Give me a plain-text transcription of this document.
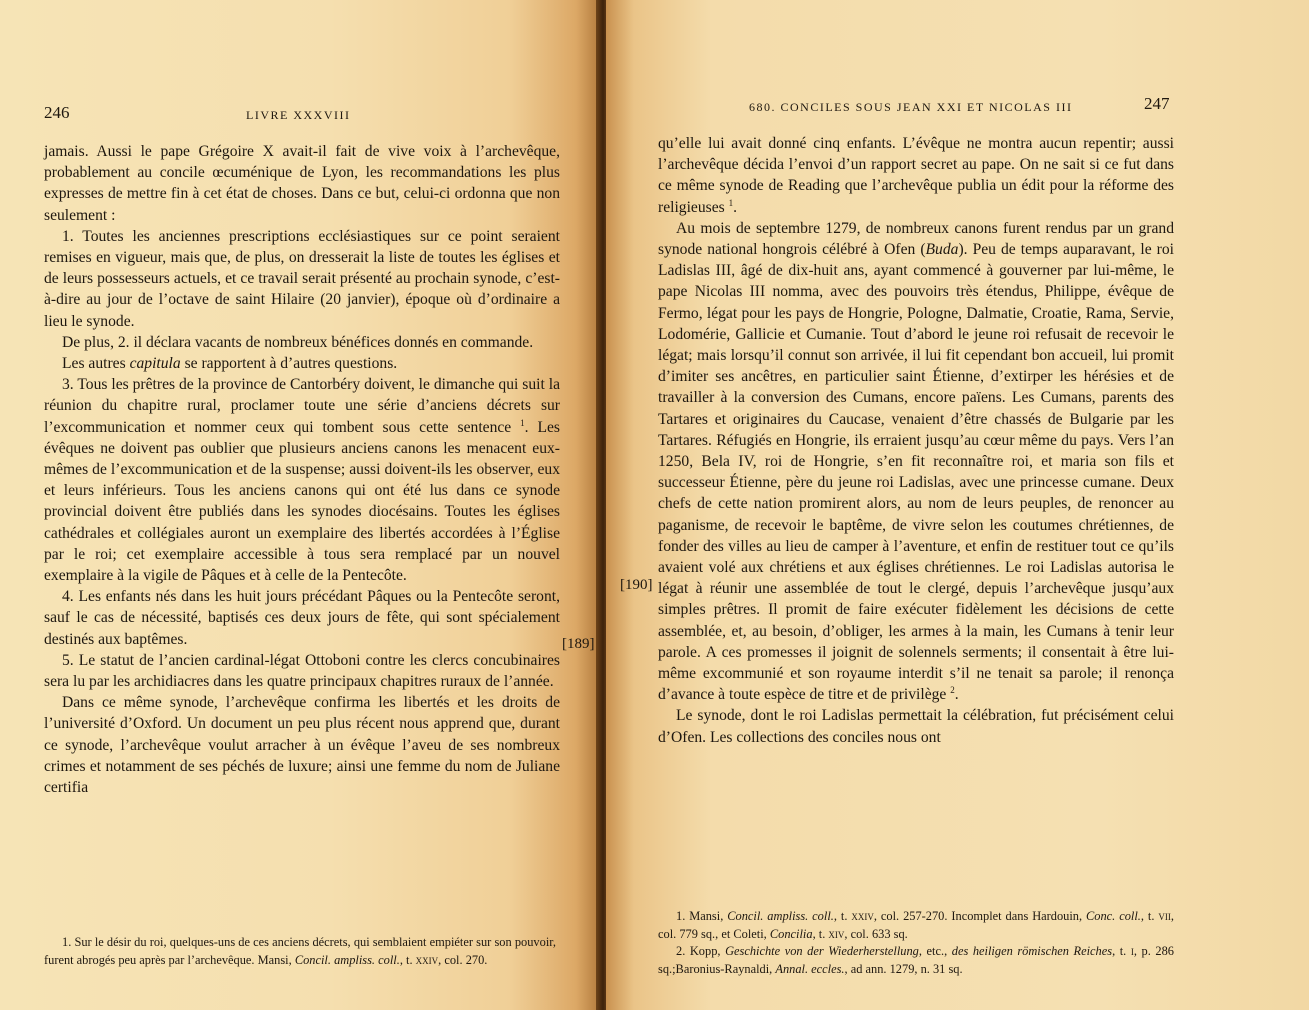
246	LIVRE XXXVIII

jamais. Aussi le pape Grégoire X avait-il fait de vive voix à l’archevêque, probablement au concile œcuménique de Lyon, les recommandations les plus expresses de mettre fin à cet état de choses. Dans ce but, celui-ci ordonna que non seulement :

1. Toutes les anciennes prescriptions ecclésiastiques sur ce point seraient remises en vigueur, mais que, de plus, on dresserait la liste de toutes les églises et de leurs possesseurs actuels, et ce travail serait présenté au prochain synode, c’est-à-dire au jour de l’octave de saint Hilaire (20 janvier), époque où d’ordinaire a lieu le synode.

De plus, 2. il déclara vacants de nombreux bénéfices donnés en commande.

Les autres capitula se rapportent à d’autres questions.

3. Tous les prêtres de la province de Cantorbéry doivent, le dimanche qui suit la réunion du chapitre rural, proclamer toute une série d’anciens décrets sur l’excommunication et nommer ceux qui tombent sous cette sentence $^1$. Les évêques ne doivent pas oublier que plusieurs anciens canons les menacent eux-mêmes de l’excommunication et de la suspense; aussi doivent-ils les observer, eux et leurs inférieurs. Tous les anciens canons qui ont été lus dans ce synode provincial doivent être publiés dans les synodes diocésains. Toutes les églises cathédrales et collégiales auront un exemplaire des libertés accordées à l’Église par le roi; cet exemplaire accessible à tous sera remplacé par un nouvel exemplaire à la vigile de Pâques et à celle de la Pentecôte.

4. Les enfants nés dans les huit jours précédant Pâques ou la Pentecôte seront, sauf le cas de nécessité, baptisés ces deux jours de fête, qui sont spécialement destinés aux baptêmes.

5. Le statut de l’ancien cardinal-légat Ottoboni contre les clercs concubinaires sera lu par les archidiacres dans les quatre principaux chapitres ruraux de l’année.

Dans ce même synode, l’archevêque confirma les libertés et les droits de l’université d’Oxford. Un document un peu plus récent nous apprend que, durant ce synode, l’archevêque voulut arracher à un évêque l’aveu de ses nombreux crimes et notamment de ses péchés de luxure; ainsi une femme du nom de Juliane certifia

1. Sur le désir du roi, quelques-uns de ces anciens décrets, qui semblaient empiéter sur son pouvoir, furent abrogés peu après par l’archevêque. Mansi, Concil. ampliss. coll., t. xxiv, col. 270.

680. CONCILES SOUS JEAN XXI ET NICOLAS III	247

qu’elle lui avait donné cinq enfants. L’évêque ne montra aucun repentir; aussi l’archevêque décida l’envoi d’un rapport secret au pape. On ne sait si ce fut dans ce même synode de Reading que l’archevêque publia un édit pour la réforme des religieuses $^1$.

Au mois de septembre 1279, de nombreux canons furent rendus par un grand synode national hongrois célébré à Ofen (Buda). Peu de temps auparavant, le roi Ladislas III, âgé de dix-huit ans, ayant commencé à gouverner par lui-même, le pape Nicolas III nomma, avec des pouvoirs très étendus, Philippe, évêque de Fermo, légat pour les pays de Hongrie, Pologne, Dalmatie, Croatie, Rama, Servie, Lodomérie, Gallicie et Cumanie. Tout d’abord le jeune roi refusait de recevoir le légat; mais lorsqu’il connut son arrivée, il lui fit cependant bon accueil, lui promit d’imiter ses ancêtres, en particulier saint Étienne, d’extirper les hérésies et de travailler à la conversion des Cumans, encore païens. Les Cumans, parents des Tartares et originaires du Caucase, venaient d’être chassés de Bulgarie par les Tartares. Réfugiés en Hongrie, ils erraient jusqu’au cœur même du pays. Vers l’an 1250, Bela IV, roi de Hongrie, s’en fit reconnaître roi, et maria son fils et successeur Étienne, père du jeune roi Ladislas, avec une princesse cumane. Deux chefs de cette nation promirent alors, au nom de leurs peuples, de renoncer au paganisme, de recevoir le baptême, de vivre selon les coutumes chrétiennes, de fonder des villes au lieu de camper à l’aventure, et enfin de restituer tout ce qu’ils avaient volé aux chrétiens et aux églises chrétiennes. Le roi Ladislas autorisa le légat à réunir une assemblée de tout le clergé, depuis l’archevêque jusqu’aux simples prêtres. Il promit de faire exécuter fidèlement les décisions de cette assemblée, et, au besoin, d’obliger, les armes à la main, les Cumans à tenir leur parole. A ces promesses il joignit de solennels serments; il consentait à être lui-même excommunié et son royaume interdit s’il ne tenait sa parole; il renonça d’avance à toute espèce de titre et de privilège $^2$.

Le synode, dont le roi Ladislas permettait la célébration, fut précisément celui d’Ofen. Les collections des conciles nous ont

1. Mansi, Concil. ampliss. coll., t. xxiv, col. 257-270. Incomplet dans Hardouin, Conc. coll., t. vii, col. 779 sq., et Coleti, Concilia, t. xiv, col. 633 sq.

2. Kopp, Geschichte von der Wiederherstellung, etc., des heiligen römischen Reiches, t. i, p. 286 sq.;Baronius-Raynaldi, Annal. eccles., ad ann. 1279, n. 31 sq.

[189]
[190]
